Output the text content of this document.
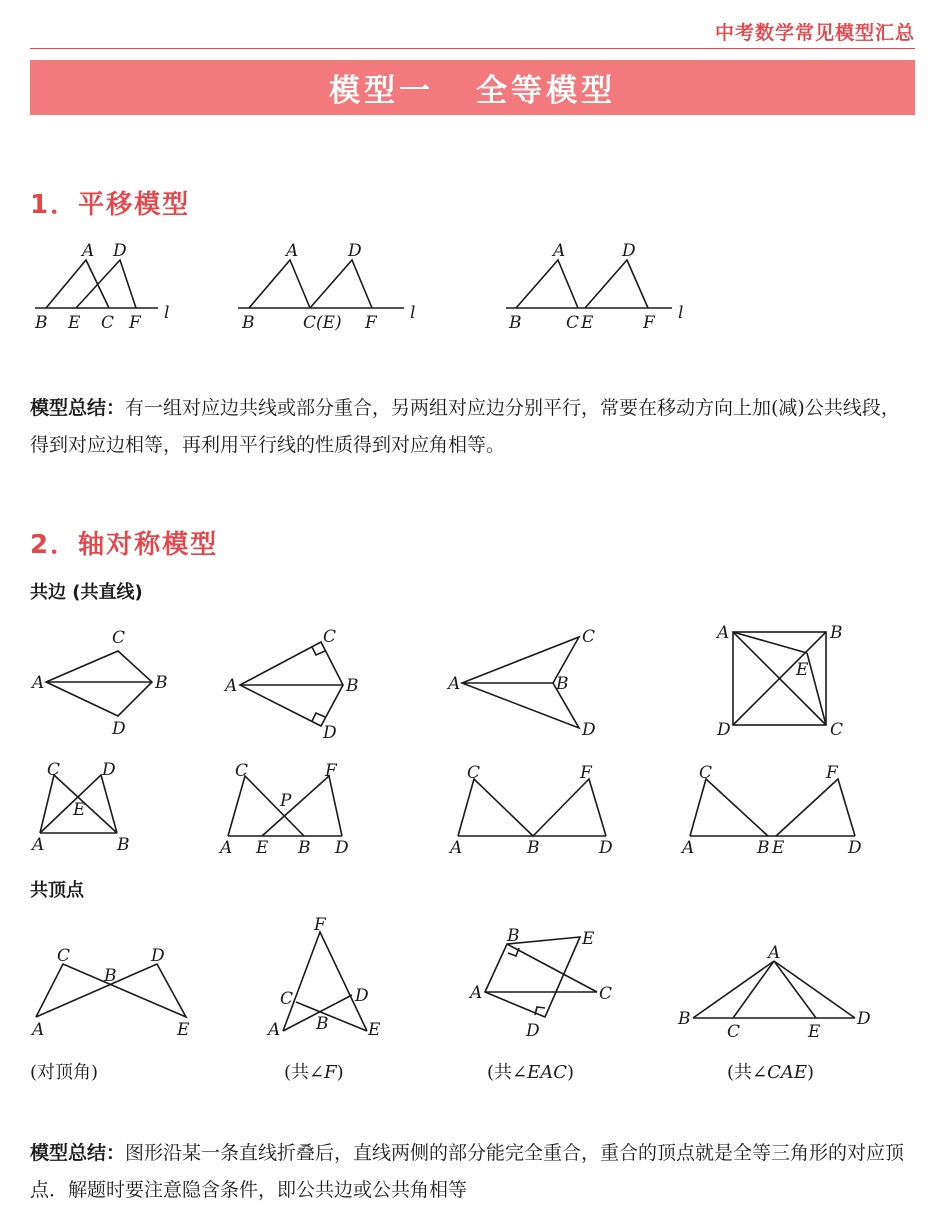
中考数学常见模型汇总
模型一 全等模型
1．平移模型
A D
B E C F l
A	D
B	C(E) F l
A	D
B	C E	F l
C
A	B
D
C
A	B
D
C
A	B
D
A	B
E
D	C
C D
E
A	B
C	F
P
A E B D
C	F
A	B	D
C	F
A	B E	D
C
B
D
A	E
F
C	D
A B E
B	E
A	C
D
A
B
C	E
D
(对顶角)	(共∠F)	(共∠EAC)	(共∠CAE)
模型总结：有一组对应边共线或部分重合，另两组对应边分别平行，常要在移动方向上加(减)公共线段，得到对应边相等，再利用平行线的性质得到对应角相等。
2．轴对称模型
共边 (共直线)
共顶点
模型总结：图形沿某一条直线折叠后，直线两侧的部分能完全重合，重合的顶点就是全等三角形的对应顶点．解题时要注意隐含条件，即公共边或公共角相等
